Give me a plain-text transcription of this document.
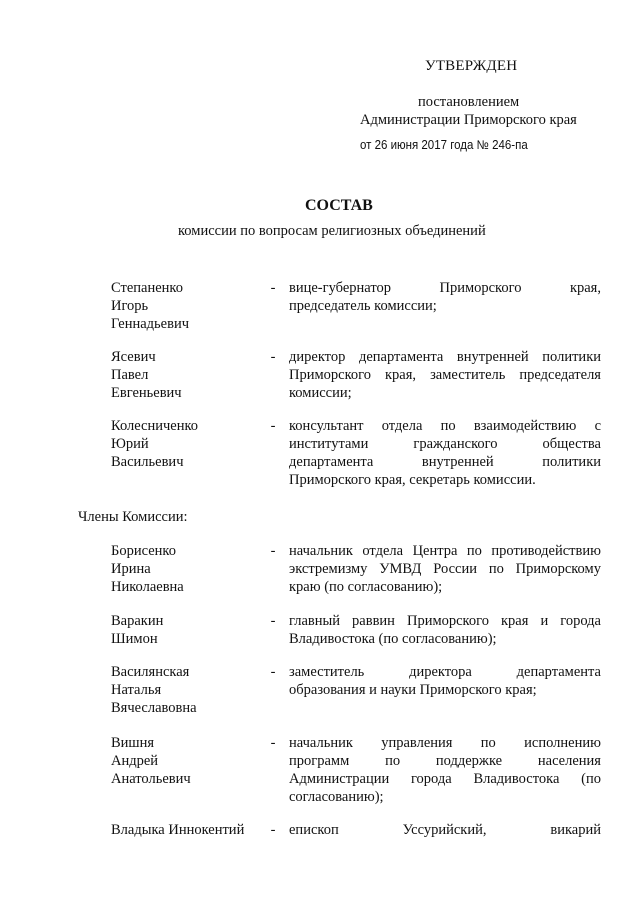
УТВЕРЖДЕН
постановлением
Администрации Приморского края
от 26 июня 2017 года № 246-па
СОСТАВ
комиссии по вопросам религиозных объединений
Степаненко
Игорь
Геннадьевич
- вице-губернатор	Приморского	края,
председатель комиссии;
Ясевич
Павел
Евгеньевич
- директор департамента внутренней политики
Приморского края, заместитель председателя
комиссии;
Колесниченко
Юрий
Васильевич
- консультант отдела по взаимодействию с
институтами	гражданского	общества
департамента	внутренней	политики
Приморского края, секретарь комиссии.
Члены Комиссии:
Борисенко
Ирина
Николаевна
- начальник отдела Центра по противодействию
экстремизму УМВД России по Приморскому
краю (по согласованию);
Варакин
Шимон
- главный раввин Приморского края и города
Владивостока (по согласованию);
Василянская
Наталья
Вячеславовна
- заместитель	директора	департамента
образования и науки Приморского края;
Вишня
Андрей
Анатольевич
- начальник управления по исполнению
программ по поддержке населения
Администрации города Владивостока (по
согласованию);
Владыка Иннокентий - епископ	Уссурийский,	викарий
